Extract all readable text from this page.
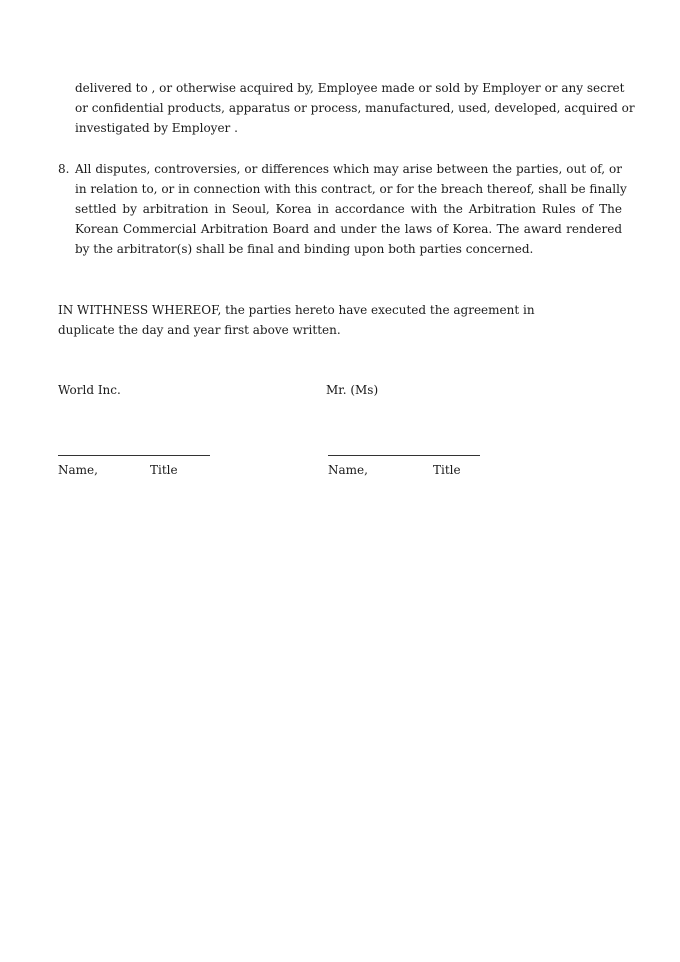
delivered to , or otherwise acquired by, Employee made or sold by Employer or any secret
or confidential products, apparatus or process, manufactured, used, developed, acquired or
investigated by Employer .
8. All disputes, controversies, or differences which may arise between the parties, out of, or
in relation to, or in connection with this contract, or for the breach thereof, shall be finally
settled by arbitration in Seoul, Korea in accordance with the Arbitration Rules of The
Korean Commercial Arbitration Board and under the laws of Korea. The award rendered
by the arbitrator(s) shall be final and binding upon both parties concerned.
IN WITHNESS WHEREOF, the parties hereto have executed the agreement in
duplicate the day and year first above written.
World Inc.	Mr. (Ms)
Name,	Title	Name,	Title
